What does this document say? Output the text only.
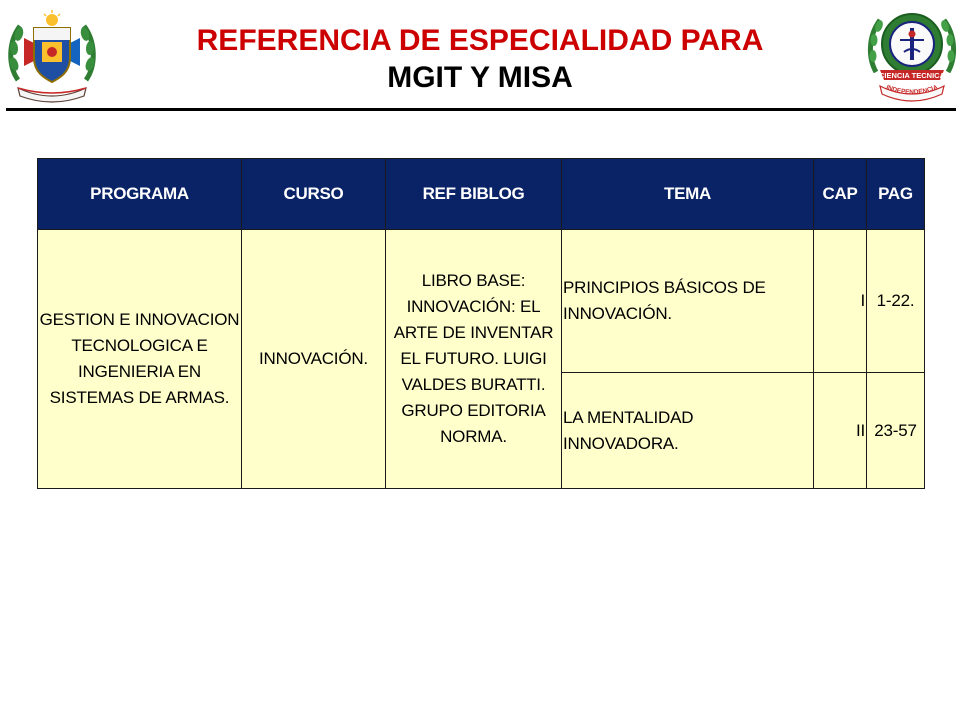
REFERENCIA DE ESPECIALIDAD PARA
MGIT Y MISA	CIENCIA TECNICA
INDEPENDENCIA
PROGRAMA	CURSO	REF BIBLOG	TEMA	CAP	PAG
GESTION E INNOVACION TECNOLOGICA E INGENIERIA EN SISTEMAS DE ARMAS.	INNOVACIÓN.	LIBRO BASE: INNOVACIÓN: EL ARTE DE INVENTAR EL FUTURO. LUIGI VALDES BURATTI. GRUPO EDITORIA NORMA.	PRINCIPIOS BÁSICOS DE INNOVACIÓN.	I	1-22.
			LA MENTALIDAD INNOVADORA.	II	23-57
